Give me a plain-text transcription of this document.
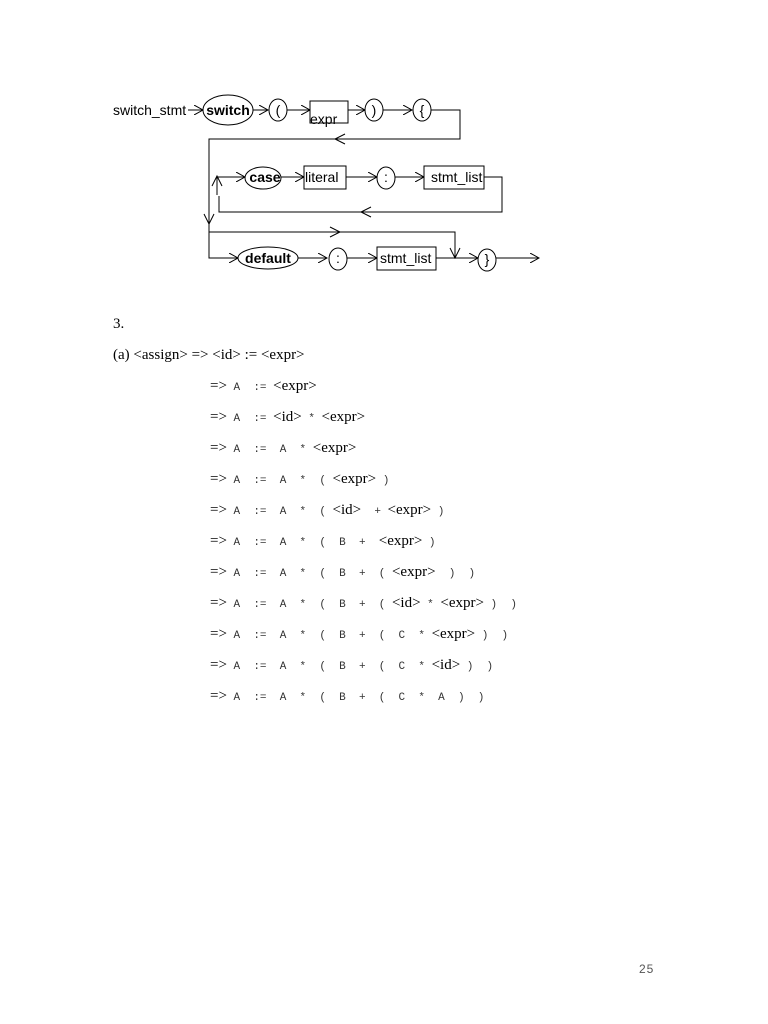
switch_stmt switch (
expr
)	{
case literal	:	stmt_list
default	:	stmt_list	}
3.
(a) <assign> => <id> := <expr>
=> A  := <expr>
=> A  := <id> * <expr>
=> A  :=  A  * <expr>
=> A  :=  A  *  ( <expr> )
=> A  :=  A  *  ( <id>  + <expr> )
=> A  :=  A  *  (  B  +  <expr> )
=> A  :=  A  *  (  B  +  ( <expr>  )  )
=> A  :=  A  *  (  B  +  ( <id> * <expr> )  )
=> A  :=  A  *  (  B  +  (  C  * <expr> )  )
=> A  :=  A  *  (  B  +  (  C  * <id> )  )
=> A  :=  A  *  (  B  +  (  C  *  A  )  )
25
